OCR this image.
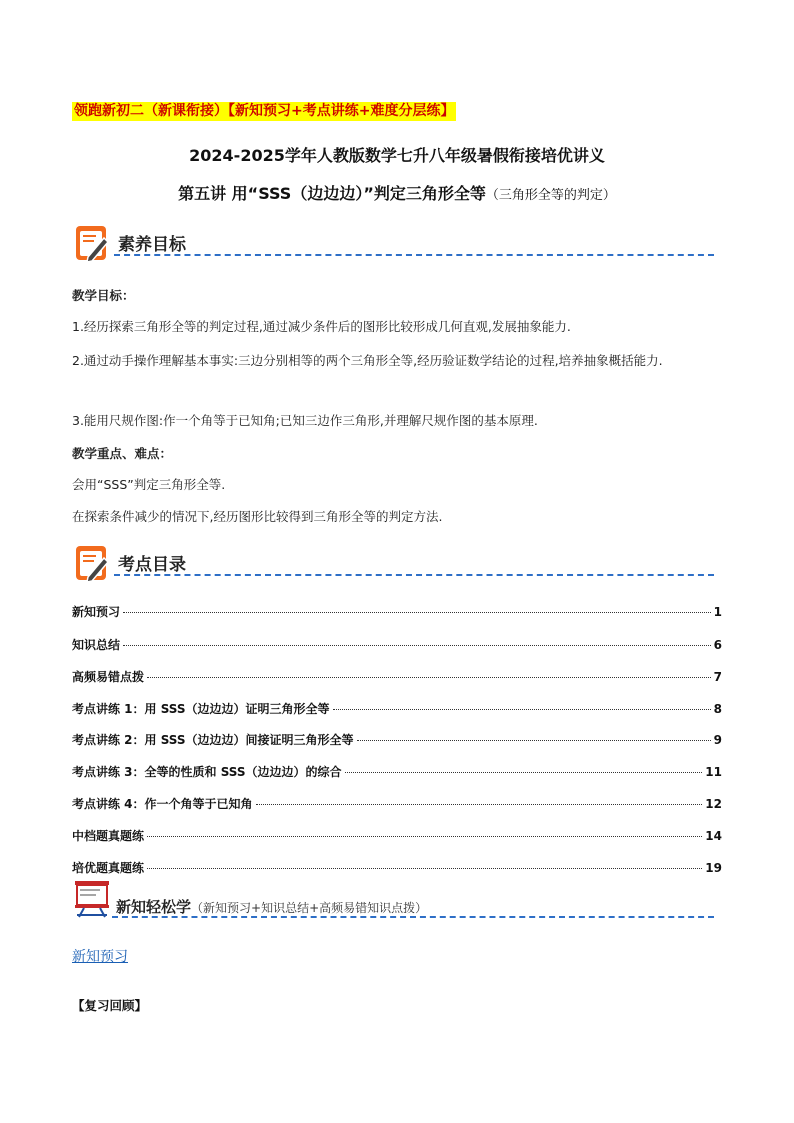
领跑新初二（新课衔接）【新知预习+考点讲练+难度分层练】
2024-2025学年人教版数学七升八年级暑假衔接培优讲义
第五讲 用“SSS（边边边）”判定三角形全等（三角形全等的判定）
素养目标
教学目标：
1.经历探索三角形全等的判定过程,通过减少条件后的图形比较形成几何直观,发展抽象能力.
2.通过动手操作理解基本事实:三边分别相等的两个三角形全等,经历验证数学结论的过程,培养抽象概括能力.
3.能用尺规作图:作一个角等于已知角;已知三边作三角形,并理解尺规作图的基本原理.
教学重点、难点：
会用“SSS”判定三角形全等.
在探索条件减少的情况下,经历图形比较得到三角形全等的判定方法.
考点目录
新知预习	1
知识总结	6
高频易错点拨	7
考点讲练 1：用 SSS（边边边）证明三角形全等	8
考点讲练 2：用 SSS（边边边）间接证明三角形全等	9
考点讲练 3：全等的性质和 SSS（边边边）的综合	11
考点讲练 4：作一个角等于已知角	12
中档题真题练	14
培优题真题练	19
新知轻松学（新知预习+知识总结+高频易错知识点拨）
新知预习
【复习回顾】
